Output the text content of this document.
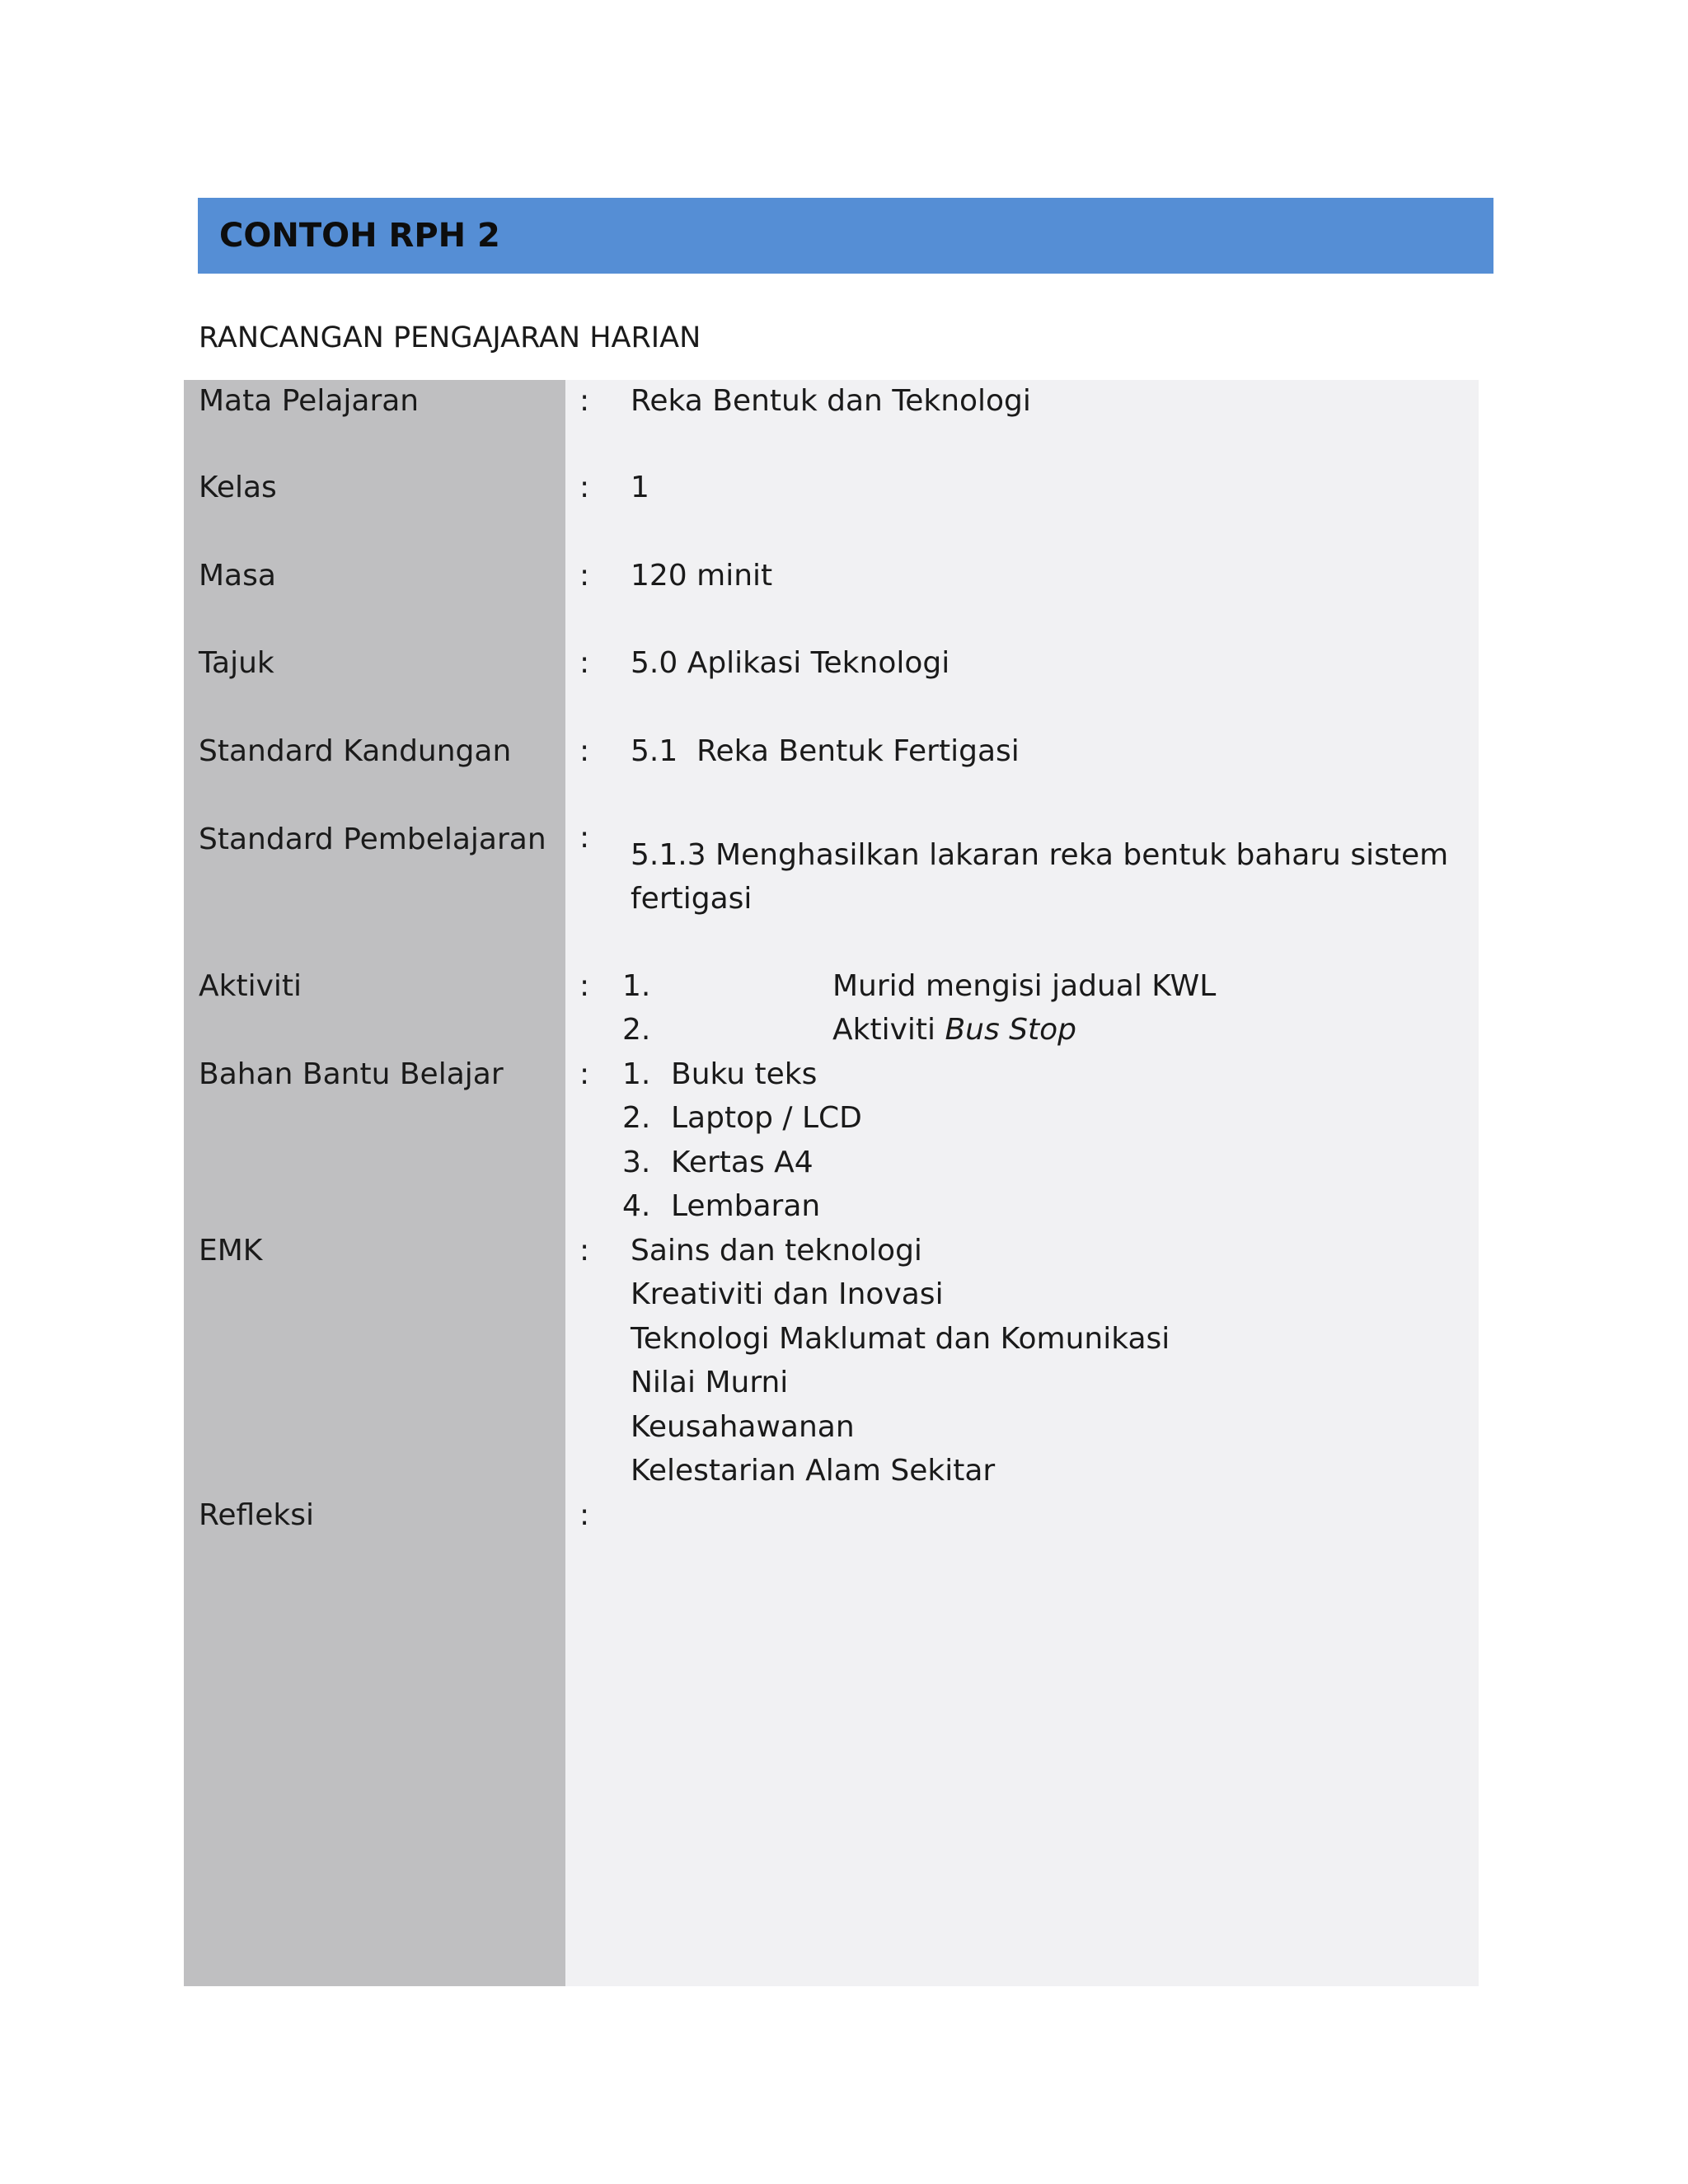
CONTOH RPH 2
RANCANGAN PENGAJARAN HARIAN
Mata Pelajaran	: Reka Bentuk dan Teknologi
Kelas	: 1
Masa	: 120 minit
Tajuk	: 5.0 Aplikasi Teknologi
Standard Kandungan : 5.1  Reka Bentuk Fertigasi
Standard Pembelajaran :
5.1.3 Menghasilkan lakaran reka bentuk baharu sistem
fertigasi
Aktiviti	: 1.	Murid mengisi jadual KWL
2.	Aktiviti Bus Stop
Bahan Bantu Belajar	: 1. Buku teks
2. Laptop / LCD
3. Kertas A4
4. Lembaran
EMK	: Sains dan teknologi
Kreativiti dan Inovasi
Teknologi Maklumat dan Komunikasi
Nilai Murni
Keusahawanan
Kelestarian Alam Sekitar
Refleksi	:
